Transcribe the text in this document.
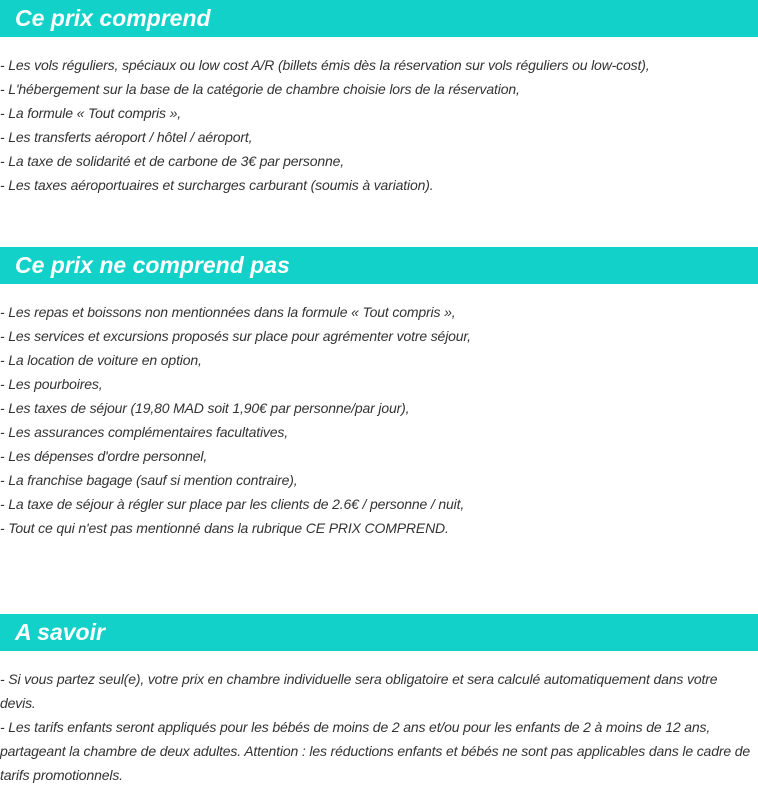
Ce prix comprend
- Les vols réguliers, spéciaux ou low cost A/R (billets émis dès la réservation sur vols réguliers ou low-cost),
- L'hébergement sur la base de la catégorie de chambre choisie lors de la réservation,
- La formule « Tout compris »,
- Les transferts aéroport / hôtel / aéroport,
- La taxe de solidarité et de carbone de 3€ par personne,
- Les taxes aéroportuaires et surcharges carburant (soumis à variation).
Ce prix ne comprend pas
- Les repas et boissons non mentionnées dans la formule « Tout compris »,
- Les services et excursions proposés sur place pour agrémenter votre séjour,
- La location de voiture en option,
- Les pourboires,
- Les taxes de séjour (19,80 MAD soit 1,90€ par personne/par jour),
- Les assurances complémentaires facultatives,
- Les dépenses d'ordre personnel,
- La franchise bagage (sauf si mention contraire),
- La taxe de séjour à régler sur place par les clients de 2.6€ / personne / nuit,
- Tout ce qui n'est pas mentionné dans la rubrique CE PRIX COMPREND.
A savoir
- Si vous partez seul(e), votre prix en chambre individuelle sera obligatoire et sera calculé automatiquement dans votre devis.
- Les tarifs enfants seront appliqués pour les bébés de moins de 2 ans et/ou pour les enfants de 2 à moins de 12 ans, partageant la chambre de deux adultes. Attention : les réductions enfants et bébés ne sont pas applicables dans le cadre de tarifs promotionnels.
